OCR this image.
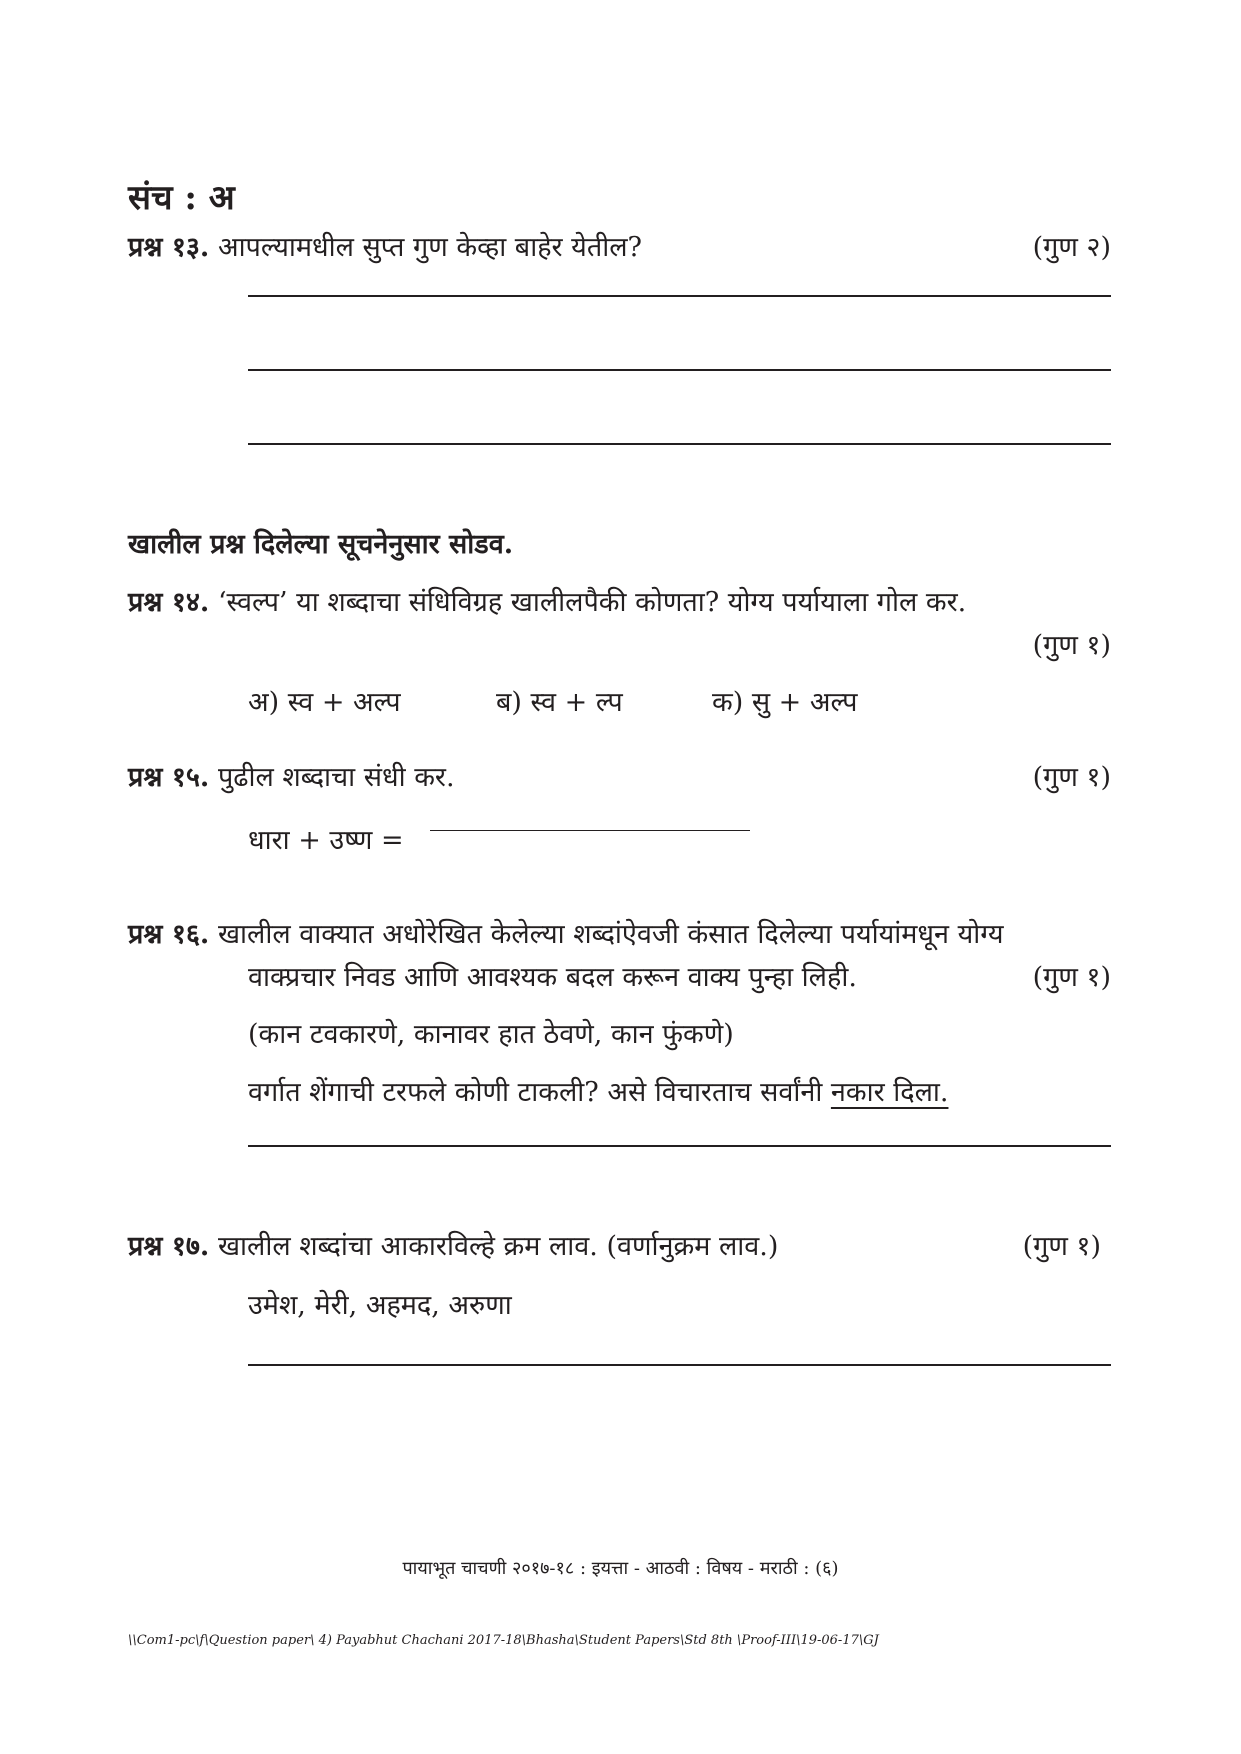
संच : अ
प्रश्न १३. आपल्यामधील सुप्त गुण केव्हा बाहेर येतील?	(गुण २)
खालील प्रश्न दिलेल्या सूचनेनुसार सोडव.
प्रश्न १४. ‘स्वल्प’ या शब्दाचा संधिविग्रह खालीलपैकी कोणता? योग्य पर्यायाला गोल कर.
(गुण १)
अ) स्व + अल्प	ब) स्व + ल्प	क) सु + अल्प
प्रश्न १५. पुढील शब्दाचा संधी कर.	(गुण १)
धारा + उष्ण =
प्रश्न १६. खालील वाक्यात अधोरेखित केलेल्या शब्दांऐवजी कंसात दिलेल्या पर्यायांमधून योग्य
वाक्प्रचार निवड आणि आवश्यक बदल करून वाक्य पुन्हा लिही.	(गुण १)
(कान टवकारणे, कानावर हात ठेवणे, कान फुंकणे)
वर्गात शेंगाची टरफले कोणी टाकली? असे विचारताच सर्वांनी नकार दिला.
प्रश्न १७. खालील शब्दांचा आकारविल्हे क्रम लाव. (वर्णानुक्रम लाव.)	(गुण १)
उमेश, मेरी, अहमद, अरुणा
पायाभूत चाचणी २०१७-१८ : इयत्ता - आठवी : विषय - मराठी : (६)
\\Com1-pc\f\Question paper\ 4) Payabhut Chachani 2017-18\Bhasha\Student Papers\Std 8th \Proof-III\19-06-17\GJ
